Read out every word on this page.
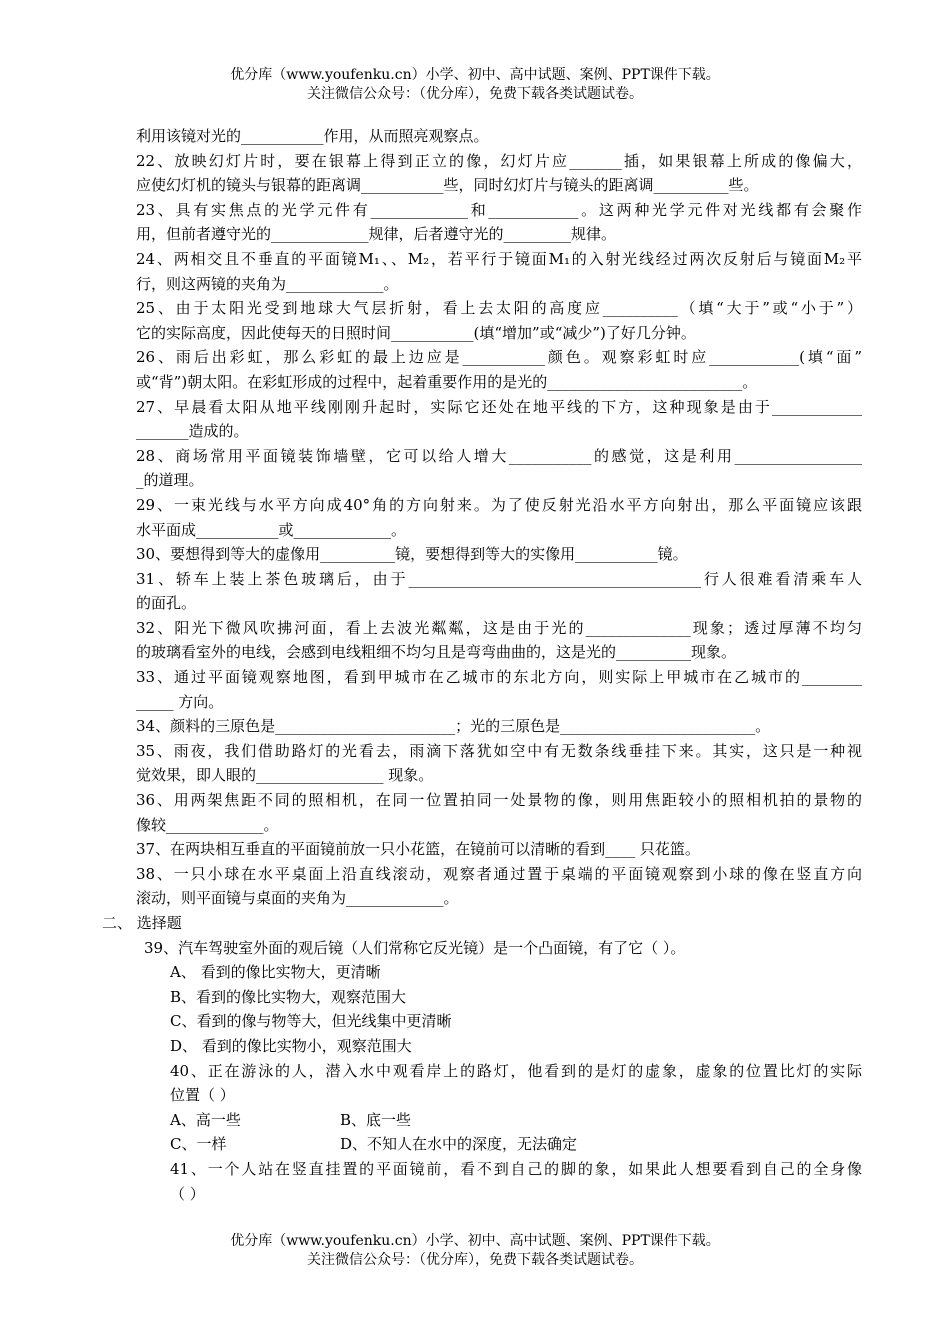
优分库（www.youfenku.cn）小学、初中、高中试题、案例、PPT课件下载。
关注微信公众号：（优分库），免费下载各类试题试卷。
利用该镜对光的___________作用，从而照亮观察点。
22、放映幻灯片时，要在银幕上得到正立的像，幻灯片应_______插，如果银幕上所成的像偏大，
应使幻灯机的镜头与银幕的距离调___________些，同时幻灯片与镜头的距离调__________些。
23、具有实焦点的光学元件有_____________和____________。这两种光学元件对光线都有会聚作
用，但前者遵守光的_____________规律，后者遵守光的_________规律。
24、两相交且不垂直的平面镜M₁、、M₂，若平行于镜面M₁的入射光线经过两次反射后与镜面M₂平
行，则这两镜的夹角为_____________。
25、由于太阳光受到地球大气层折射，看上去太阳的高度应__________（填“大于”或“小于”）
它的实际高度，因此使每天的日照时间___________(填“增加”或“减少”)了好几分钟。
26、雨后出彩虹，那么彩虹的最上边应是___________颜色。观察彩虹时应____________(填“面”
或“背”)朝太阳。在彩虹形成的过程中，起着重要作用的是光的__________________________。
27、早晨看太阳从地平线刚刚升起时，实际它还处在地平线的下方，这种现象是由于____________
_______造成的。
28、商场常用平面镜装饰墙壁，它可以给人增大___________的感觉，这是利用_________________
_的道理。
29、一束光线与水平方向成40°角的方向射来。为了使反射光沿水平方向射出，那么平面镜应该跟
水平面成___________或_____________。
30、要想得到等大的虚像用__________镜，要想得到等大的实像用___________镜。
31、轿车上装上茶色玻璃后，由于_______________________________________行人很难看清乘车人
的面孔。
32、阳光下微风吹拂河面，看上去波光粼粼，这是由于光的______________现象；透过厚薄不均匀
的玻璃看室外的电线，会感到电线粗细不均匀且是弯弯曲曲的，这是光的__________现象。
33、通过平面镜观察地图，看到甲城市在乙城市的东北方向，则实际上甲城市在乙城市的________
_____ 方向。
34、颜料的三原色是________________________；光的三原色是__________________________。
35、雨夜，我们借助路灯的光看去，雨滴下落犹如空中有无数条线垂挂下来。其实，这只是一种视
觉效果，即人眼的_________________ 现象。
36、用两架焦距不同的照相机，在同一位置拍同一处景物的像，则用焦距较小的照相机拍的景物的
像较_____________。
37、在两块相互垂直的平面镜前放一只小花篮，在镜前可以清晰的看到____ 只花篮。
38、一只小球在水平桌面上沿直线滚动，观察者通过置于桌端的平面镜观察到小球的像在竖直方向
滚动，则平面镜与桌面的夹角为_____________。
二、 选择题
39、汽车驾驶室外面的观后镜（人们常称它反光镜）是一个凸面镜，有了它（ ）。
A、 看到的像比实物大，更清晰
B、看到的像比实物大，观察范围大
C、看到的像与物等大，但光线集中更清晰
D、 看到的像比实物小，观察范围大
40、正在游泳的人，潜入水中观看岸上的路灯，他看到的是灯的虚象，虚象的位置比灯的实际
位置（ ）
A、高一些	B、底一些
C、一样	D、不知人在水中的深度，无法确定
41、一个人站在竖直挂置的平面镜前，看不到自己的脚的象，如果此人想要看到自己的全身像
（ ）
优分库（www.youfenku.cn）小学、初中、高中试题、案例、PPT课件下载。
关注微信公众号：（优分库），免费下载各类试题试卷。
